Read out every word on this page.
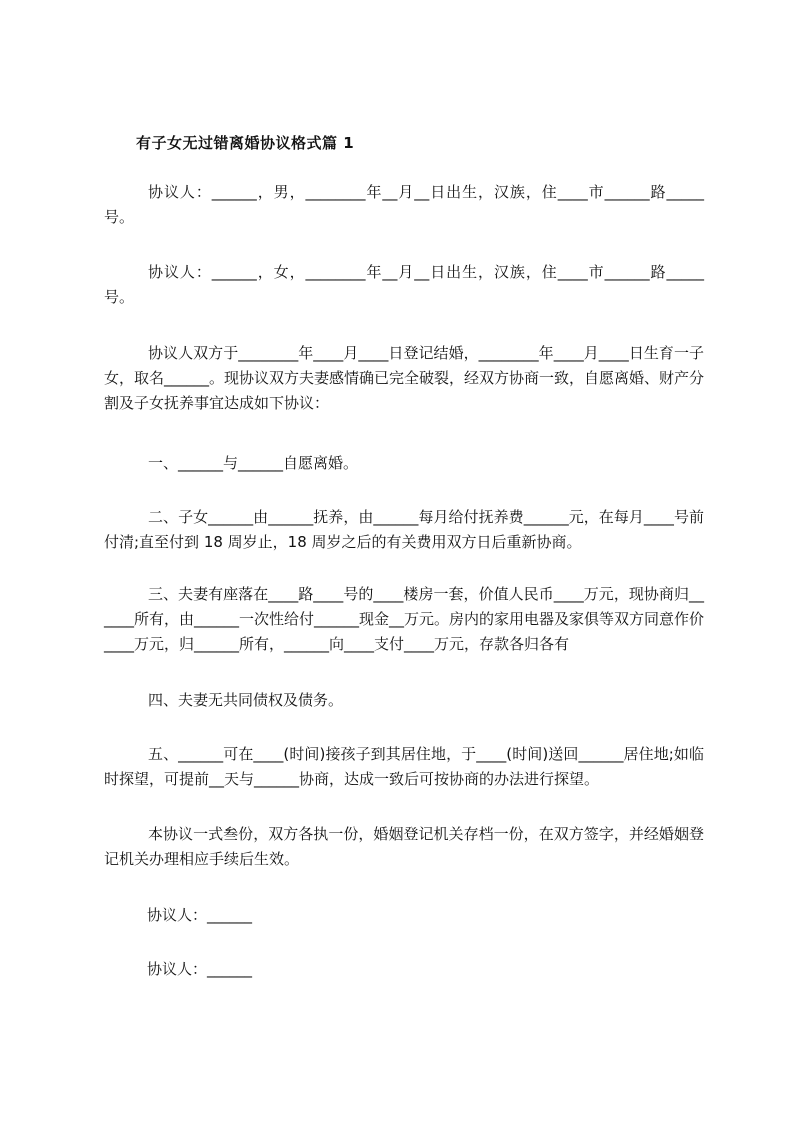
有子女无过错离婚协议格式篇 1
协议人：______，男，________年__月__日出生，汉族，住____市______路_____号。
协议人：______，女，________年__月__日出生，汉族，住____市______路_____号。
协议人双方于________年____月____日登记结婚，________年____月____日生育一子女，取名______。现协议双方夫妻感情确已完全破裂，经双方协商一致，自愿离婚、财产分割及子女抚养事宜达成如下协议：
一、______与______自愿离婚。
二、子女______由______抚养，由______每月给付抚养费______元，在每月____号前付清;直至付到 18 周岁止，18 周岁之后的有关费用双方日后重新协商。
三、夫妻有座落在____路____号的____楼房一套，价值人民币____万元，现协商归______所有，由______一次性给付______现金__万元。房内的家用电器及家俱等双方同意作价____万元，归______所有，______向____支付____万元，存款各归各有
四、夫妻无共同债权及债务。
五、______可在____(时间)接孩子到其居住地，于____(时间)送回______居住地;如临时探望，可提前__天与______协商，达成一致后可按协商的办法进行探望。
本协议一式叁份，双方各执一份，婚姻登记机关存档一份，在双方签字，并经婚姻登记机关办理相应手续后生效。
协议人：______
协议人：______
